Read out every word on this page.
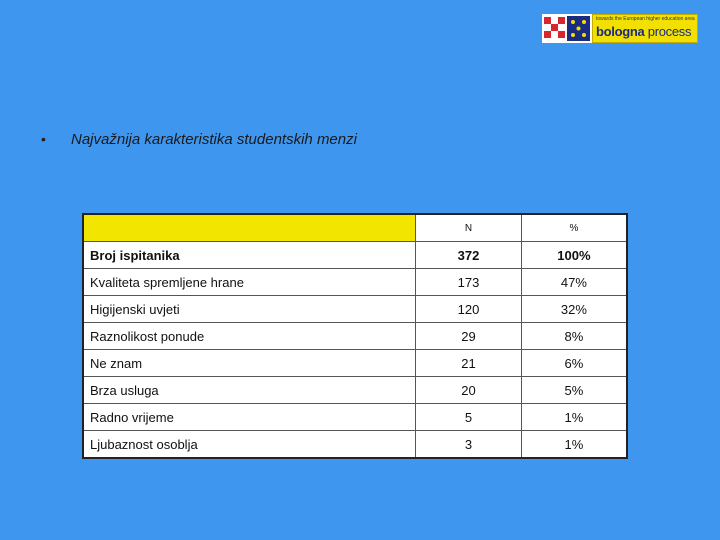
towards the European higher education area
bologna process
• Najvažnija karakteristika studentskih menzi
	N	%
Broj ispitanika	372	100%
Kvaliteta spremljene hrane	173	47%
Higijenski uvjeti	120	32%
Raznolikost ponude	29	8%
Ne znam	21	6%
Brza usluga	20	5%
Radno vrijeme	5	1%
Ljubaznost osoblja	3	1%
